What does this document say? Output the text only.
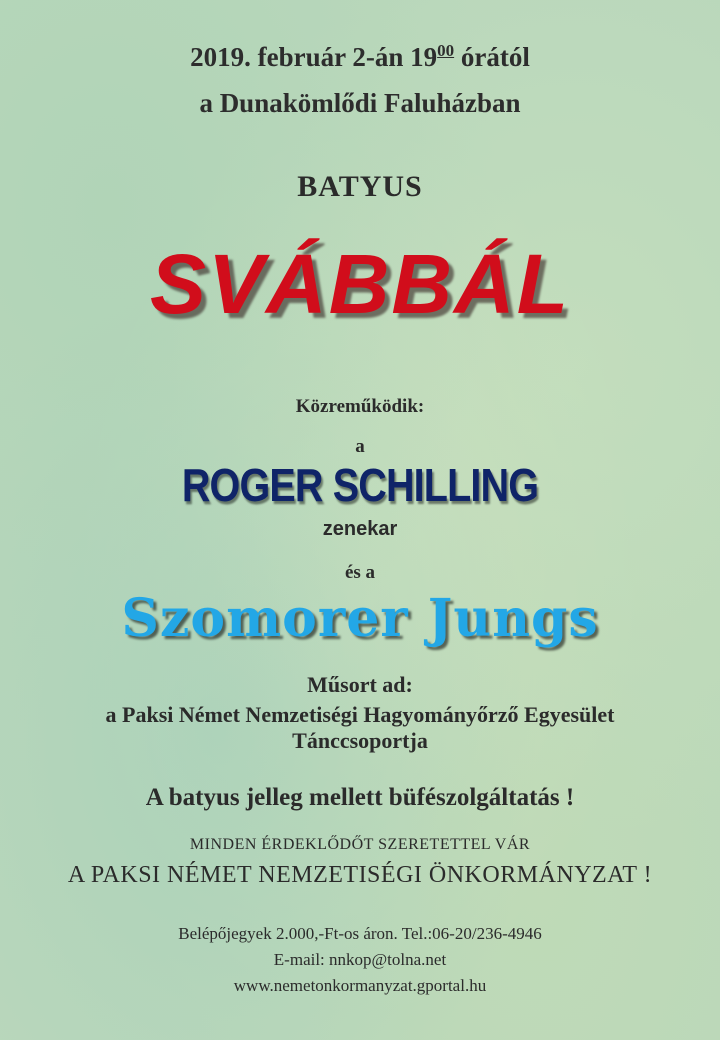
2019. február 2-án $19^{00}$ órától
a Dunakömlődi Faluházban
BATYUS
SVÁBBÁL
Közreműködik:
a
ROGER SCHILLING
zenekar
és a
Szomorer Jungs
Műsort ad:
a Paksi Német Nemzetiségi Hagyományőrző Egyesület
Tánccsoportja
A batyus jelleg mellett büfészolgáltatás !
MINDEN ÉRDEKLŐDŐT SZERETETTEL VÁR
A PAKSI NÉMET NEMZETISÉGI ÖNKORMÁNYZAT !
Belépőjegyek 2.000,-Ft-os áron. Tel.:06-20/236-4946
E-mail: nnkop@tolna.net
www.nemetonkormanyzat.gportal.hu
